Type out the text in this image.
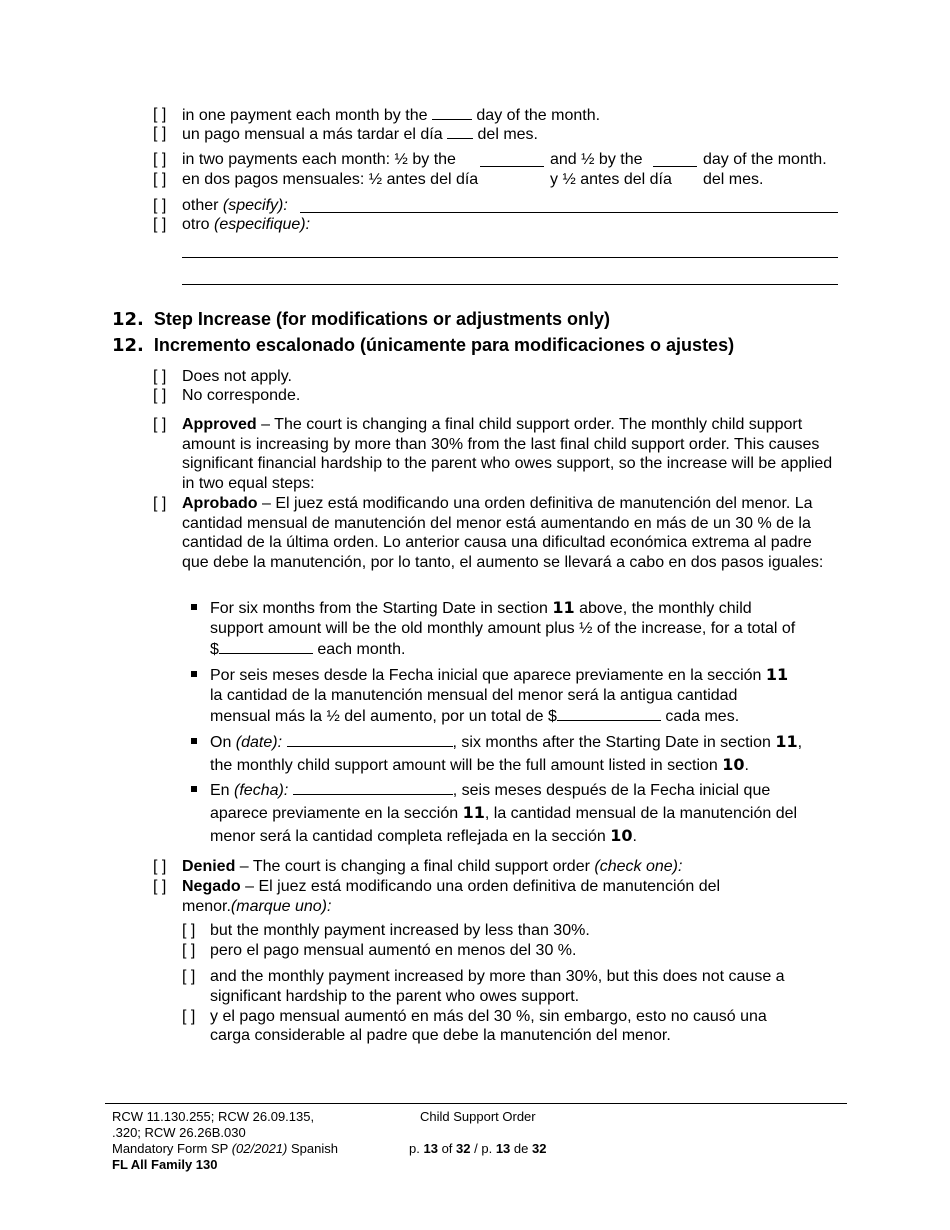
[ ] in one payment each month by the	day of the month.
[ ] un pago mensual a más tardar el día del mes.
[ ] in two payments each month: ½ by the	and ½ by the	day of the month.
[ ] en dos pagos mensuales: ½ antes del día	y ½ antes del día del mes.
[ ] other (specify):
[ ] otro (especifique):
12. Step Increase (for modifications or adjustments only)
12. Incremento escalonado (únicamente para modificaciones o ajustes)
[ ] Does not apply.
[ ] No corresponde.
[ ] Approved – The court is changing a final child support order. The monthly child support amount is increasing by more than 30% from the last final child support order. This causes significant financial hardship to the parent who owes support, so the increase will be applied in two equal steps:
[ ] Aprobado – El juez está modificando una orden definitiva de manutención del menor. La cantidad mensual de manutención del menor está aumentando en más de un 30 % de la cantidad de la última orden. Lo anterior causa una dificultad económica extrema al padre que debe la manutención, por lo tanto, el aumento se llevará a cabo en dos pasos iguales:
For six months from the Starting Date in section 11 above, the monthly child
support amount will be the old monthly amount plus ½ of the increase, for a total of
$	each month.
Por seis meses desde la Fecha inicial que aparece previamente en la sección 11
la cantidad de la manutención mensual del menor será la antigua cantidad
mensual más la ½ del aumento, por un total de $	cada mes.
On (date):	, six months after the Starting Date in section 11,
the monthly child support amount will be the full amount listed in section 10.
En (fecha):	, seis meses después de la Fecha inicial que
aparece previamente en la sección 11, la cantidad mensual de la manutención del
menor será la cantidad completa reflejada en la sección 10.
[ ] Denied – The court is changing a final child support order (check one):
[ ] Negado – El juez está modificando una orden definitiva de manutención del
menor.(marque uno):
[ ] but the monthly payment increased by less than 30%.
[ ] pero el pago mensual aumentó en menos del 30 %.
[ ] and the monthly payment increased by more than 30%, but this does not cause a
significant hardship to the parent who owes support.
[ ] y el pago mensual aumentó en más del 30 %, sin embargo, esto no causó una
carga considerable al padre que debe la manutención del menor.
RCW 11.130.255; RCW 26.09.135,
.320; RCW 26.26B.030
Mandatory Form SP (02/2021) Spanish
FL All Family 130
Child Support Order
p. 13 of 32 / p. 13 de 32
